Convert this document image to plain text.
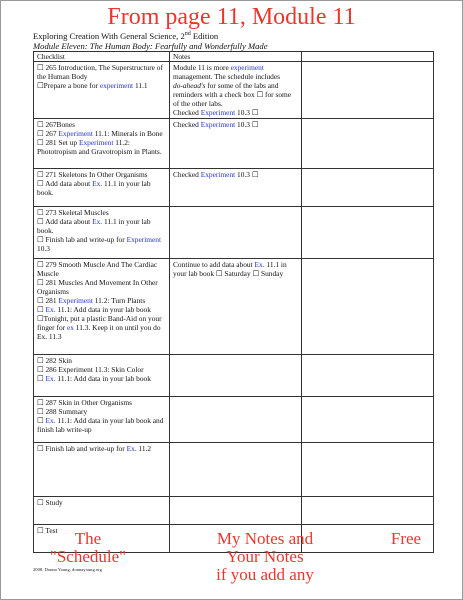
From page 11, Module 11
Exploring Creation With General Science, 2nd Edition
Module Eleven: The Human Body: Fearfully and Wonderfully Made
Checklist	Notes	

☐ 265 Introduction, The Superstructure of the Human Body
☐Prepare a bone for experiment 11.1	Module 11 is more experiment management. The schedule includes
do-ahead's for some of the labs and reminders with a check box ☐ for some of the other labs.
Checked Experiment 10.3 ☐	

☐ 267Bones
☐ 267 Experiment 11.1: Minerals in Bone
☐ 281 Set up Experiment 11.2:
Phototropism and Gravotropism in Plants.	Checked Experiment 10.3 ☐	

☐ 271 Skeletons In Other Organisms
☐ Add data about Ex. 11.1 in your lab book.	Checked Experiment 10.3 ☐	

☐ 273 Skeletal Muscles
☐ Add data about Ex. 11.1 in your lab book.
☐ Finish lab and write-up for Experiment 10.3		

☐ 279 Smooth Muscle And The Cardiac Muscle
☐ 281 Muscles And Movement In Other Organisms
☐ 281 Experiment 11.2: Turn Plants
☐ Ex. 11.1: Add data in your lab book
☐Tonight, put a plastic Band-Aid on your finger for ex 11.3. Keep it on until you do Ex. 11.3	Continue to add data about Ex. 11.1 in your lab book ☐ Saturday ☐ Sunday	

☐ 282 Skin
☐ 286 Experiment 11.3: Skin Color
☐ Ex. 11.1: Add data in your lab book		

☐ 287 Skin in Other Organisms
☐ 288 Summary
☐ Ex. 11.1: Add data in your lab book and finish lab write-up		

☐ Finish lab and write-up for Ex. 11.2		

☐ Study		

☐ Test		
			The
"Schedule"
My Notes and
Your Notes
if you add any
Free
2008, Donna Young, donnayoung.org
